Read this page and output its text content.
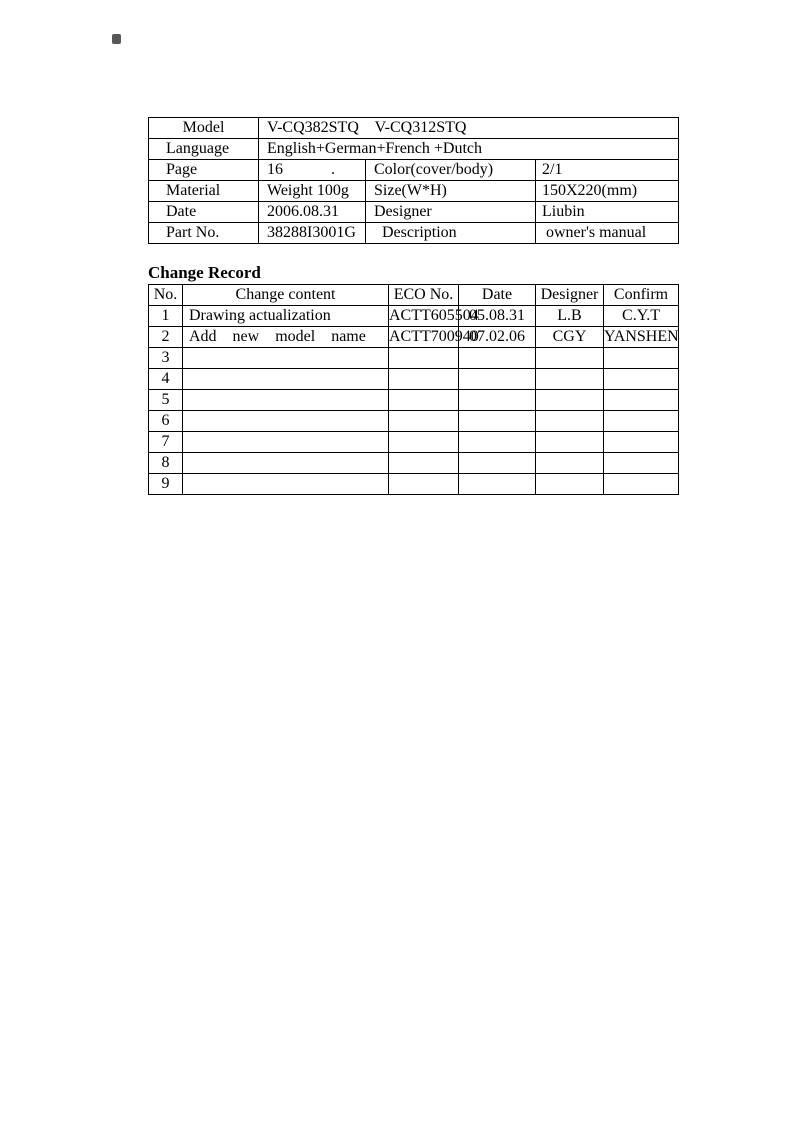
Model	V-CQ382STQ    V-CQ312STQ		
Language	English+German+French +Dutch		
Page	16            .	Color(cover/body)	2/1
Material	Weight 100g	Size(W*H)	150X220(mm)
Date	2006.08.31	Designer	Liubin
Part No.	38288I3001G	Description	owner's manual
Change Record
No.	Change content	ECO No.	Date	Designer	Confirm
1	Drawing actualization	ACTT605504	05.08.31	L.B	C.Y.T
2	Add    new    model    name	ACTT700940	07.02.06	CGY	YANSHEN
3					
4					
5					
6					
7					
8					
9					
